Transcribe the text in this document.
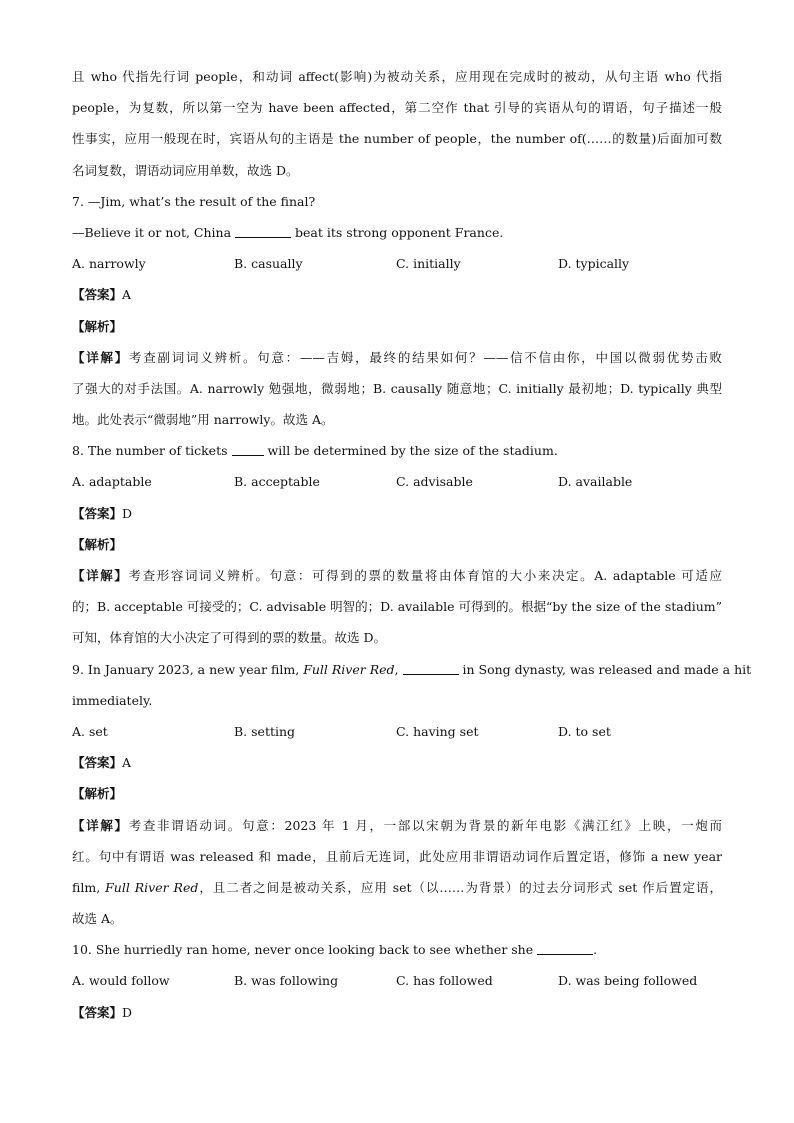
且 who 代指先行词 people，和动词 affect(影响)为被动关系，应用现在完成时的被动，从句主语 who 代指
people，为复数，所以第一空为 have been affected，第二空作 that 引导的宾语从句的谓语，句子描述一般
性事实，应用一般现在时，宾语从句的主语是 the number of people，the number of(……的数量)后面加可数
名词复数，谓语动词应用单数，故选 D。
7. —Jim, what’s the result of the final?
—Believe it or not, China	beat its strong opponent France.
A. narrowly	B. casually	C. initially	D. typically
【 答案 】 A
【 解析 】
【 详解 】 考查副词词义辨析。句意：——吉姆，最终的结果如何？——信不信由你，中国以微弱优势击败
了强大的对手法国。A. narrowly 勉强地，微弱地；B. causally 随意地；C. initially 最初地；D. typically 典型
地。此处表示“微弱地”用 narrowly。故选 A。
8. The number of tickets	will be determined by the size of the stadium.
A. adaptable	B. acceptable	C. advisable	D. available
【 答案 】 D
【 解析 】
【 详解 】 考查形容词词义辨析。句意：可得到的票的数量将由体育馆的大小来决定。A. adaptable 可适应
的；B. acceptable 可接受的；C. advisable 明智的；D. available 可得到的。根据“by the size of the stadium”
可知，体育馆的大小决定了可得到的票的数量。故选 D。
9. In January 2023, a new year film, Full River Red,	in Song dynasty, was released and made a hit
immediately.
A. set	B. setting	C. having set	D. to set
【 答案 】 A
【 解析 】
【 详解 】 考查非谓语动词。句意：2023 年 1 月，一部以宋朝为背景的新年电影《满江红》上映，一炮而
红。句中有谓语 was released 和 made，且前后无连词，此处应用非谓语动词作后置定语，修饰 a new year
film, Full River Red，且二者之间是被动关系，应用 set（以……为背景）的过去分词形式 set 作后置定语，
故选 A。
10. She hurriedly ran home, never once looking back to see whether she	.
A. would follow	B. was following	C. has followed	D. was being followed
【 答案 】 D
